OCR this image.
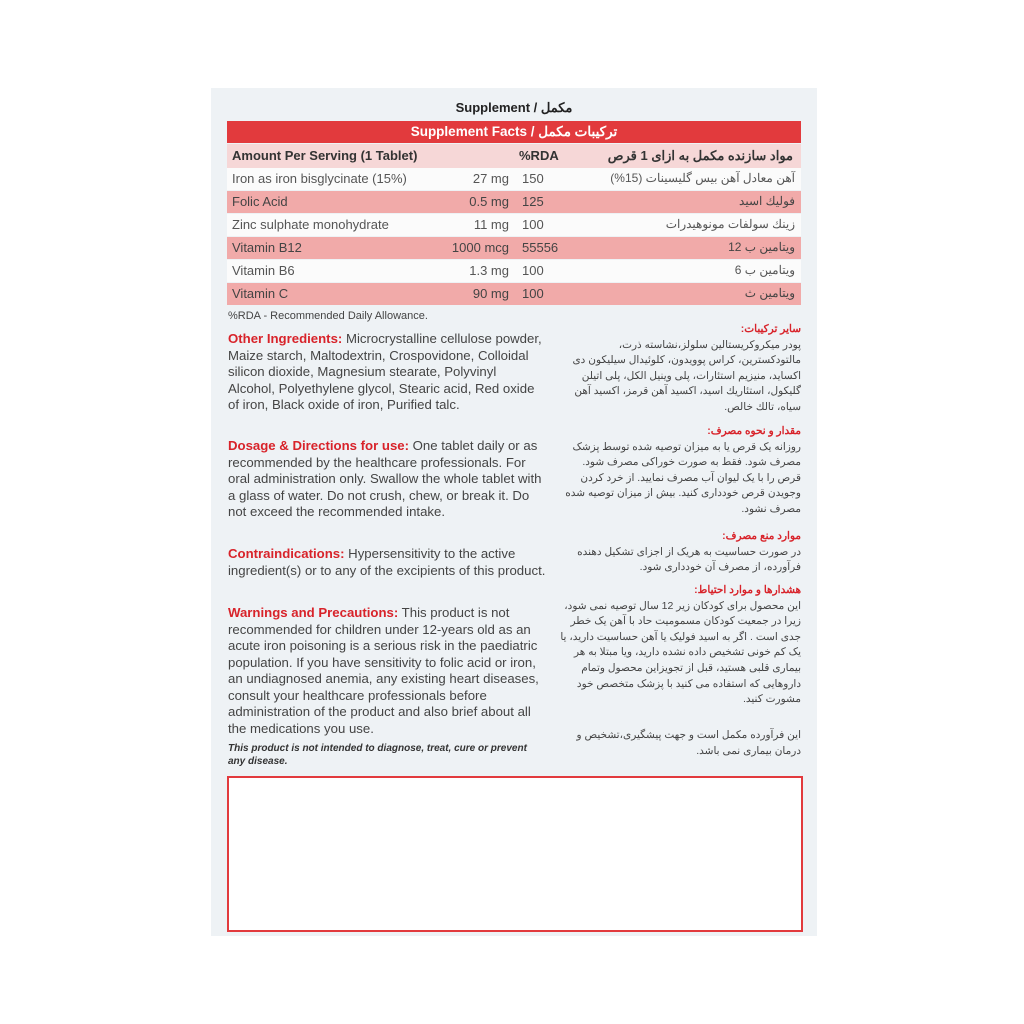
Supplement / مكمل
Supplement Facts / تركيبات مكمل
Amount Per Serving (1 Tablet)	%RDA	مواد سازنده مكمل به ازاى 1 قرص
Iron as iron bisglycinate (15%)	27 mg 150	آهن معادل آهن بيس گليسينات (15%)
Folic Acid	0.5 mg 125	فوليك اسيد
Zinc sulphate monohydrate	11 mg 100	زينك سولفات مونوهيدرات
Vitamin B12	1000 mcg 55556	ويتامين ب 12
Vitamin B6	1.3 mg 100	ويتامين ب 6
Vitamin C	90 mg 100	ويتامين ث
%RDA - Recommended Daily Allowance.
Other Ingredients: Microcrystalline cellulose powder, Maize starch, Maltodextrin, Crospovidone, Colloidal silicon dioxide, Magnesium stearate, Polyvinyl Alcohol, Polyethylene glycol, Stearic acid, Red oxide of iron, Black oxide of iron, Purified talc.
Dosage & Directions for use: One tablet daily or as recommended by the healthcare professionals. For oral administration only. Swallow the whole tablet with a glass of water. Do not crush, chew, or break it. Do not exceed the recommended intake.
Contraindications: Hypersensitivity to the active ingredient(s) or to any of the excipients of this product.
Warnings and Precautions: This product is not recommended for children under 12-years old as an acute iron poisoning is a serious risk in the paediatric population. If you have sensitivity to folic acid or iron, an undiagnosed anemia, any existing heart diseases, consult your healthcare professionals before administration of the product and also brief about all the medications you use.
This product is not intended to diagnose, treat, cure or prevent any disease.
ساير تركيبات:
پودر ميكروكريستالين سلولز،نشاسته ذرت، مالتودكسترين، كراس پوويدون، كلوئيدال سيليكون دى اكسايد، منيزيم استئارات، پلى وينيل الكل، پلى اتيلن گليكول، استئاريك اسيد، اكسيد آهن قرمز، اكسيد آهن سياه، تالك خالص.
مقدار و نحوه مصرف:
روزانه يک قرص يا به ميزان توصيه شده توسط پزشک مصرف شود. فقط به صورت خوراكى مصرف شود. قرص را با يک ليوان آب مصرف نماييد. از خرد كردن وجويدن قرص خوددارى كنيد. بيش از ميزان توصيه شده مصرف نشود.
موارد منع مصرف:
در صورت حساسيت به هريک از اجزاى تشكيل دهنده فرآورده، از مصرف آن خوددارى شود.
هشدارها و موارد احتياط:
اين محصول براى كودكان زير 12 سال توصيه نمى شود، زيرا در جمعيت كودكان مسموميت حاد با آهن يک خطر جدى است . اگر به اسيد فوليک يا آهن حساسيت داريد، يا يک كم خونى تشخيص داده نشده داريد، ويا مبتلا به هر بيمارى قلبى هستيد، قبل از تجويزاين محصول وتمام داروهايى كه استفاده مى كنيد با پزشک متخصص خود مشورت كنيد.
اين فرآورده مكمل است و جهت پيشگيرى،تشخيص و درمان بيمارى نمى باشد.
